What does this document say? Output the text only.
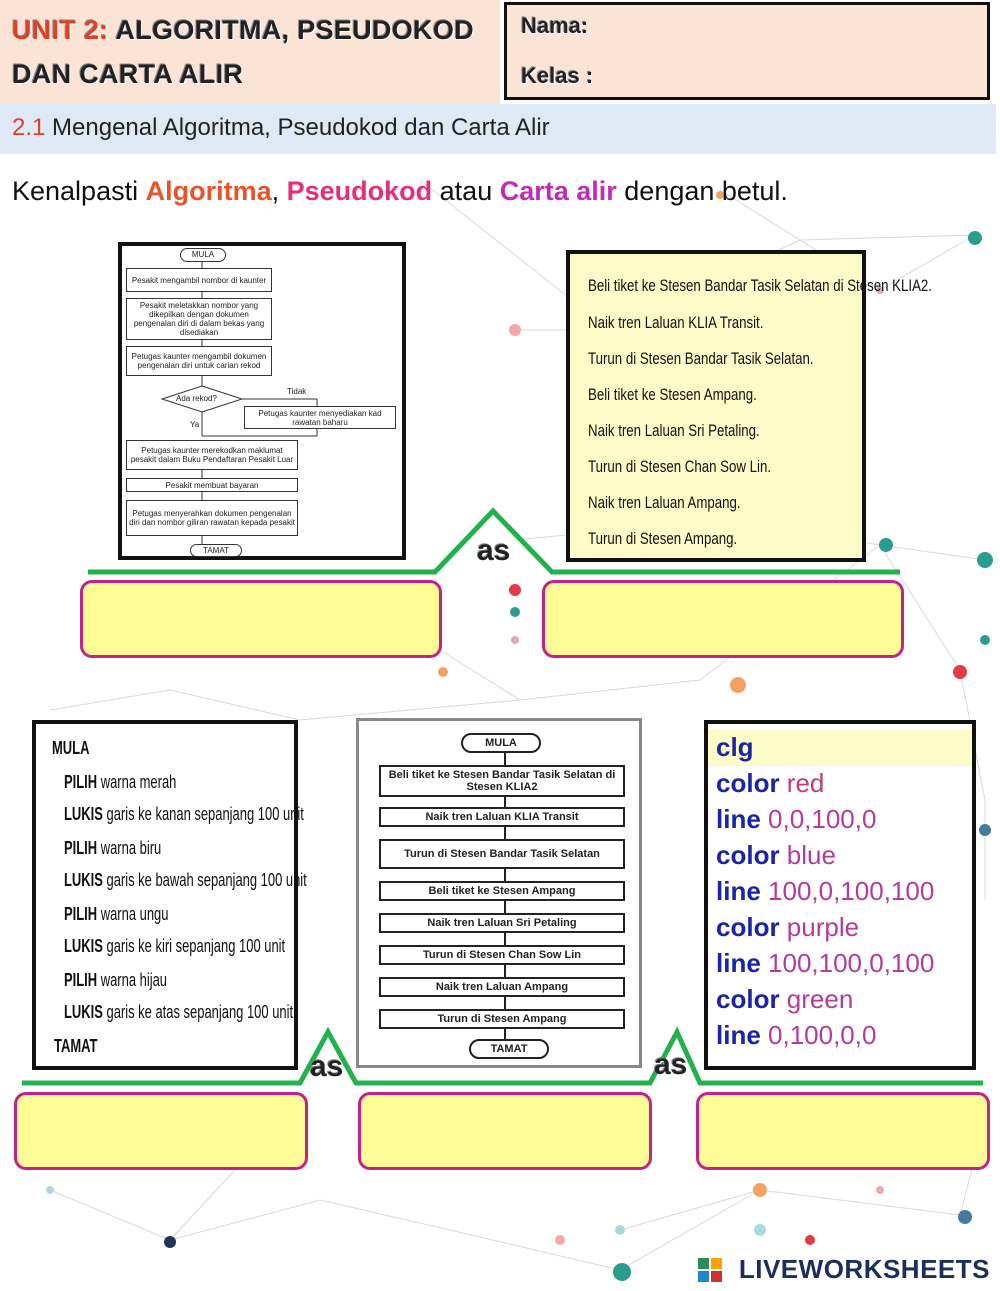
UNIT 2: ALGORITMA, PSEUDOKOD
DAN CARTA ALIR
Nama:
Kelas :
2.1 Mengenal Algoritma, Pseudokod dan Carta Alir
Kenalpasti Algoritma, Pseudokod atau Carta alir dengan betul.
MULA
Pesakit mengambil nombor di kaunter
Pesakit meletakkan nombor yang dikepilkan dengan dokumen pengenalan diri di dalam bekas yang disediakan
Petugas kaunter mengambil dokumen pengenalan diri untuk carian rekod
Ada rekod?
Tidak
Ya
Petugas kaunter menyediakan kad rawatan baharu
Petugas kaunter merekodkan maklumat pesakit dalam Buku Pendaftaran Pesakit Luar
Pesakit membuat bayaran
Petugas menyerahkan dokumen pengenalan diri dan nombor giliran rawatan kepada pesakit
TAMAT
Beli tiket ke Stesen Bandar Tasik Selatan di Stesen KLIA2.
Naik tren Laluan KLIA Transit.
Turun di Stesen Bandar Tasik Selatan.
Beli tiket ke Stesen Ampang.
Naik tren Laluan Sri Petaling.
Turun di Stesen Chan Sow Lin.
Naik tren Laluan Ampang.
Turun di Stesen Ampang.
as
MULA
PILIH warna merah
LUKIS garis ke kanan sepanjang 100 unit
PILIH warna biru
LUKIS garis ke bawah sepanjang 100 unit
PILIH warna ungu
LUKIS garis ke kiri sepanjang 100 unit
PILIH warna hijau
LUKIS garis ke atas sepanjang 100 unit
TAMAT
MULA
Beli tiket ke Stesen Bandar Tasik Selatan di Stesen KLIA2
Naik tren Laluan KLIA Transit
Turun di Stesen Bandar Tasik Selatan
Beli tiket ke Stesen Ampang
Naik tren Laluan Sri Petaling
Turun di Stesen Chan Sow Lin
Naik tren Laluan Ampang
Turun di Stesen Ampang
TAMAT
clg
color red
line 0,0,100,0
color blue
line 100,0,100,100
color purple
line 100,100,0,100
color green
line 0,100,0,0
as	as
LIVEWORKSHEETS
